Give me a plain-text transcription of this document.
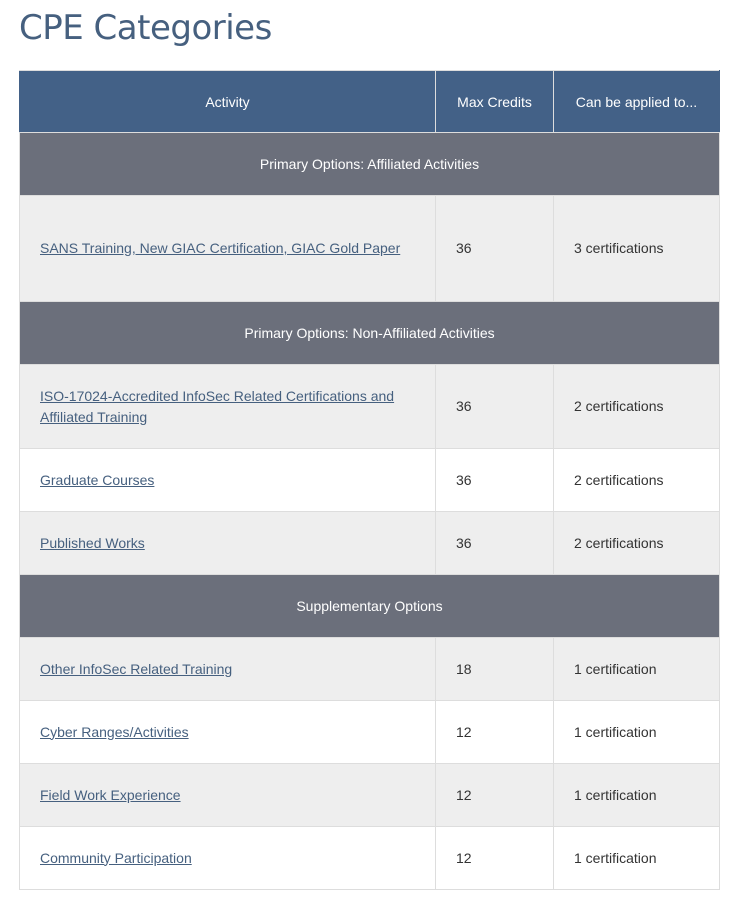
CPE Categories
Activity	Max Credits	Can be applied to...
Primary Options: Affiliated Activities		
SANS Training, New GIAC Certification, GIAC Gold Paper	36	3 certifications
Primary Options: Non-Affiliated Activities		
ISO-17024-Accredited InfoSec Related Certifications and Affiliated Training	36	2 certifications
Graduate Courses	36	2 certifications
Published Works	36	2 certifications
Supplementary Options		
Other InfoSec Related Training	18	1 certification
Cyber Ranges/Activities	12	1 certification
Field Work Experience	12	1 certification
Community Participation	12	1 certification
